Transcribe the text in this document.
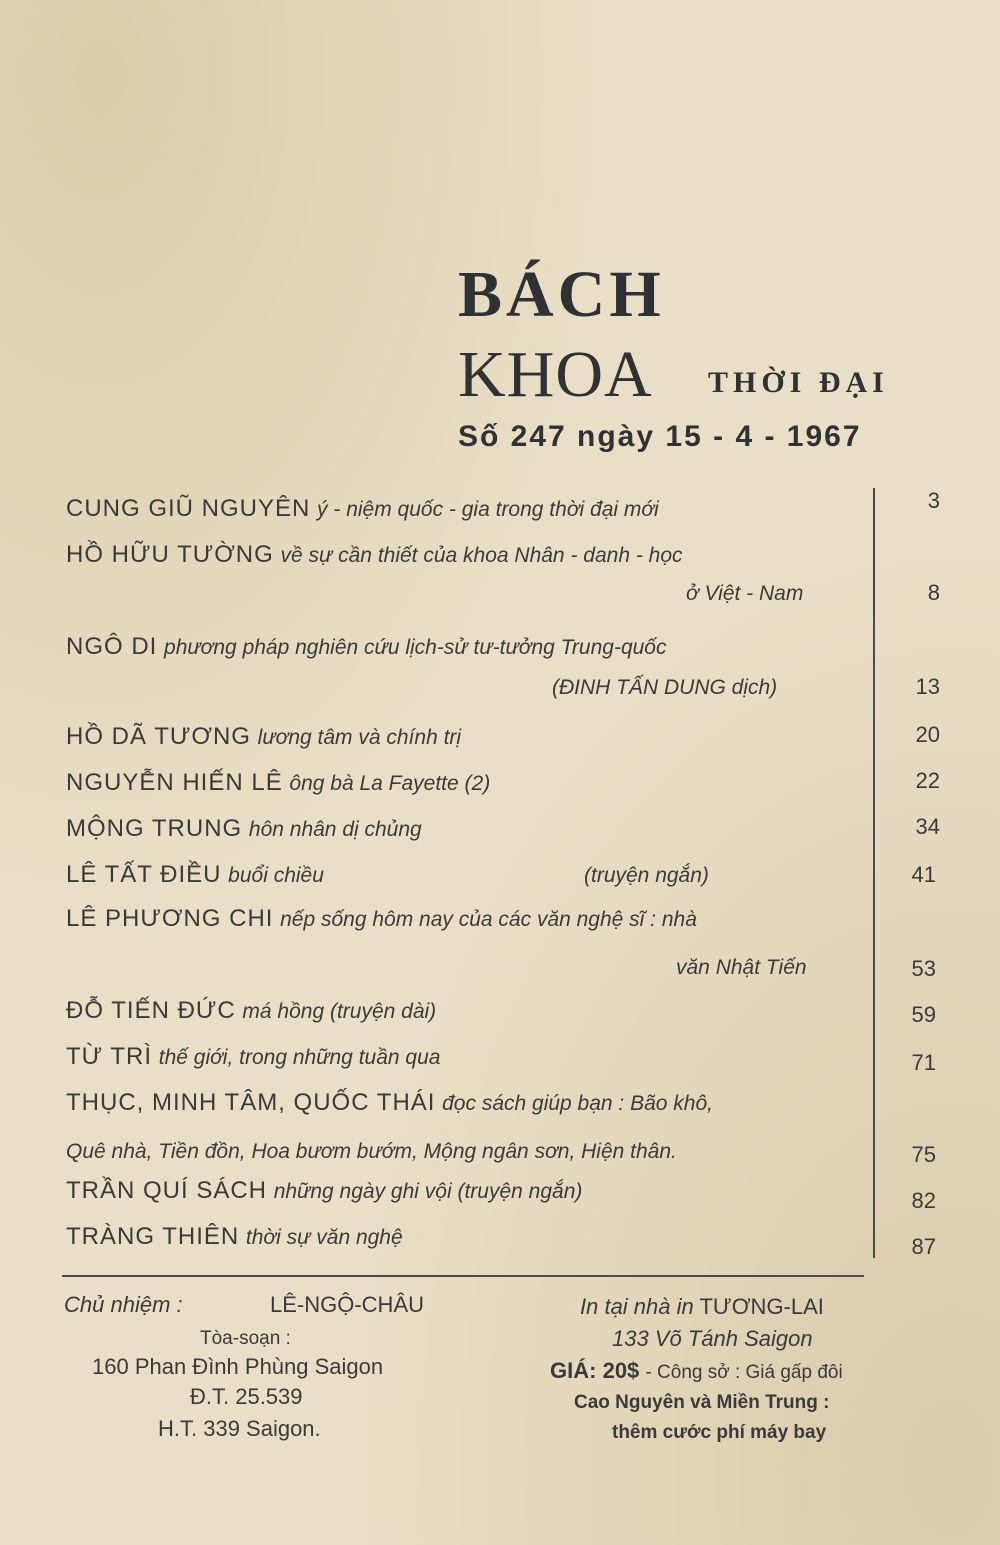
BÁCH
KHOA THỜI ĐẠI
Số 247 ngày 15 - 4 - 1967
CUNG GIŨ NGUYÊN ý - niệm quốc - gia trong thời đại mới	3
HỒ HỮU TƯỜNG về sự cần thiết của khoa Nhân - danh - học
ở Việt - Nam	8
NGÔ DI phương pháp nghiên cứu lịch-sử tư-tưởng Trung-quốc
(ĐINH TẤN DUNG dịch)	13
HỒ DÃ TƯƠNG lương tâm và chính trị	20
NGUYỄN HIẾN LÊ ông bà La Fayette (2)	22
MỘNG TRUNG hôn nhân dị chủng	34
LÊ TẤT ĐIỀU buổi chiều	(truyện ngắn)	41
LÊ PHƯƠNG CHI nếp sống hôm nay của các văn nghệ sĩ : nhà
văn Nhật Tiến	53
ĐỖ TIẾN ĐỨC má hồng (truyện dài)	59
TỪ TRÌ thế giới, trong những tuần qua	71
THỤC, MINH TÂM, QUỐC THÁI đọc sách giúp bạn : Bão khô,
Quê nhà, Tiền đồn, Hoa bươm bướm, Mộng ngân sơn, Hiện thân.	75
TRẦN QUÍ SÁCH những ngày ghi vội (truyện ngắn)	82
TRÀNG THIÊN thời sự văn nghệ	87
Chủ nhiệm :	LÊ-NGỘ-CHÂU
Tòa-soạn :
160 Phan Đình Phùng Saigon
Đ.T. 25.539
H.T. 339 Saigon.
In tại nhà in TƯƠNG-LAI
133 Võ Tánh Saigon
GIÁ: 20$ - Công sở : Giá gấp đôi
Cao Nguyên và Miền Trung :
thêm cước phí máy bay
